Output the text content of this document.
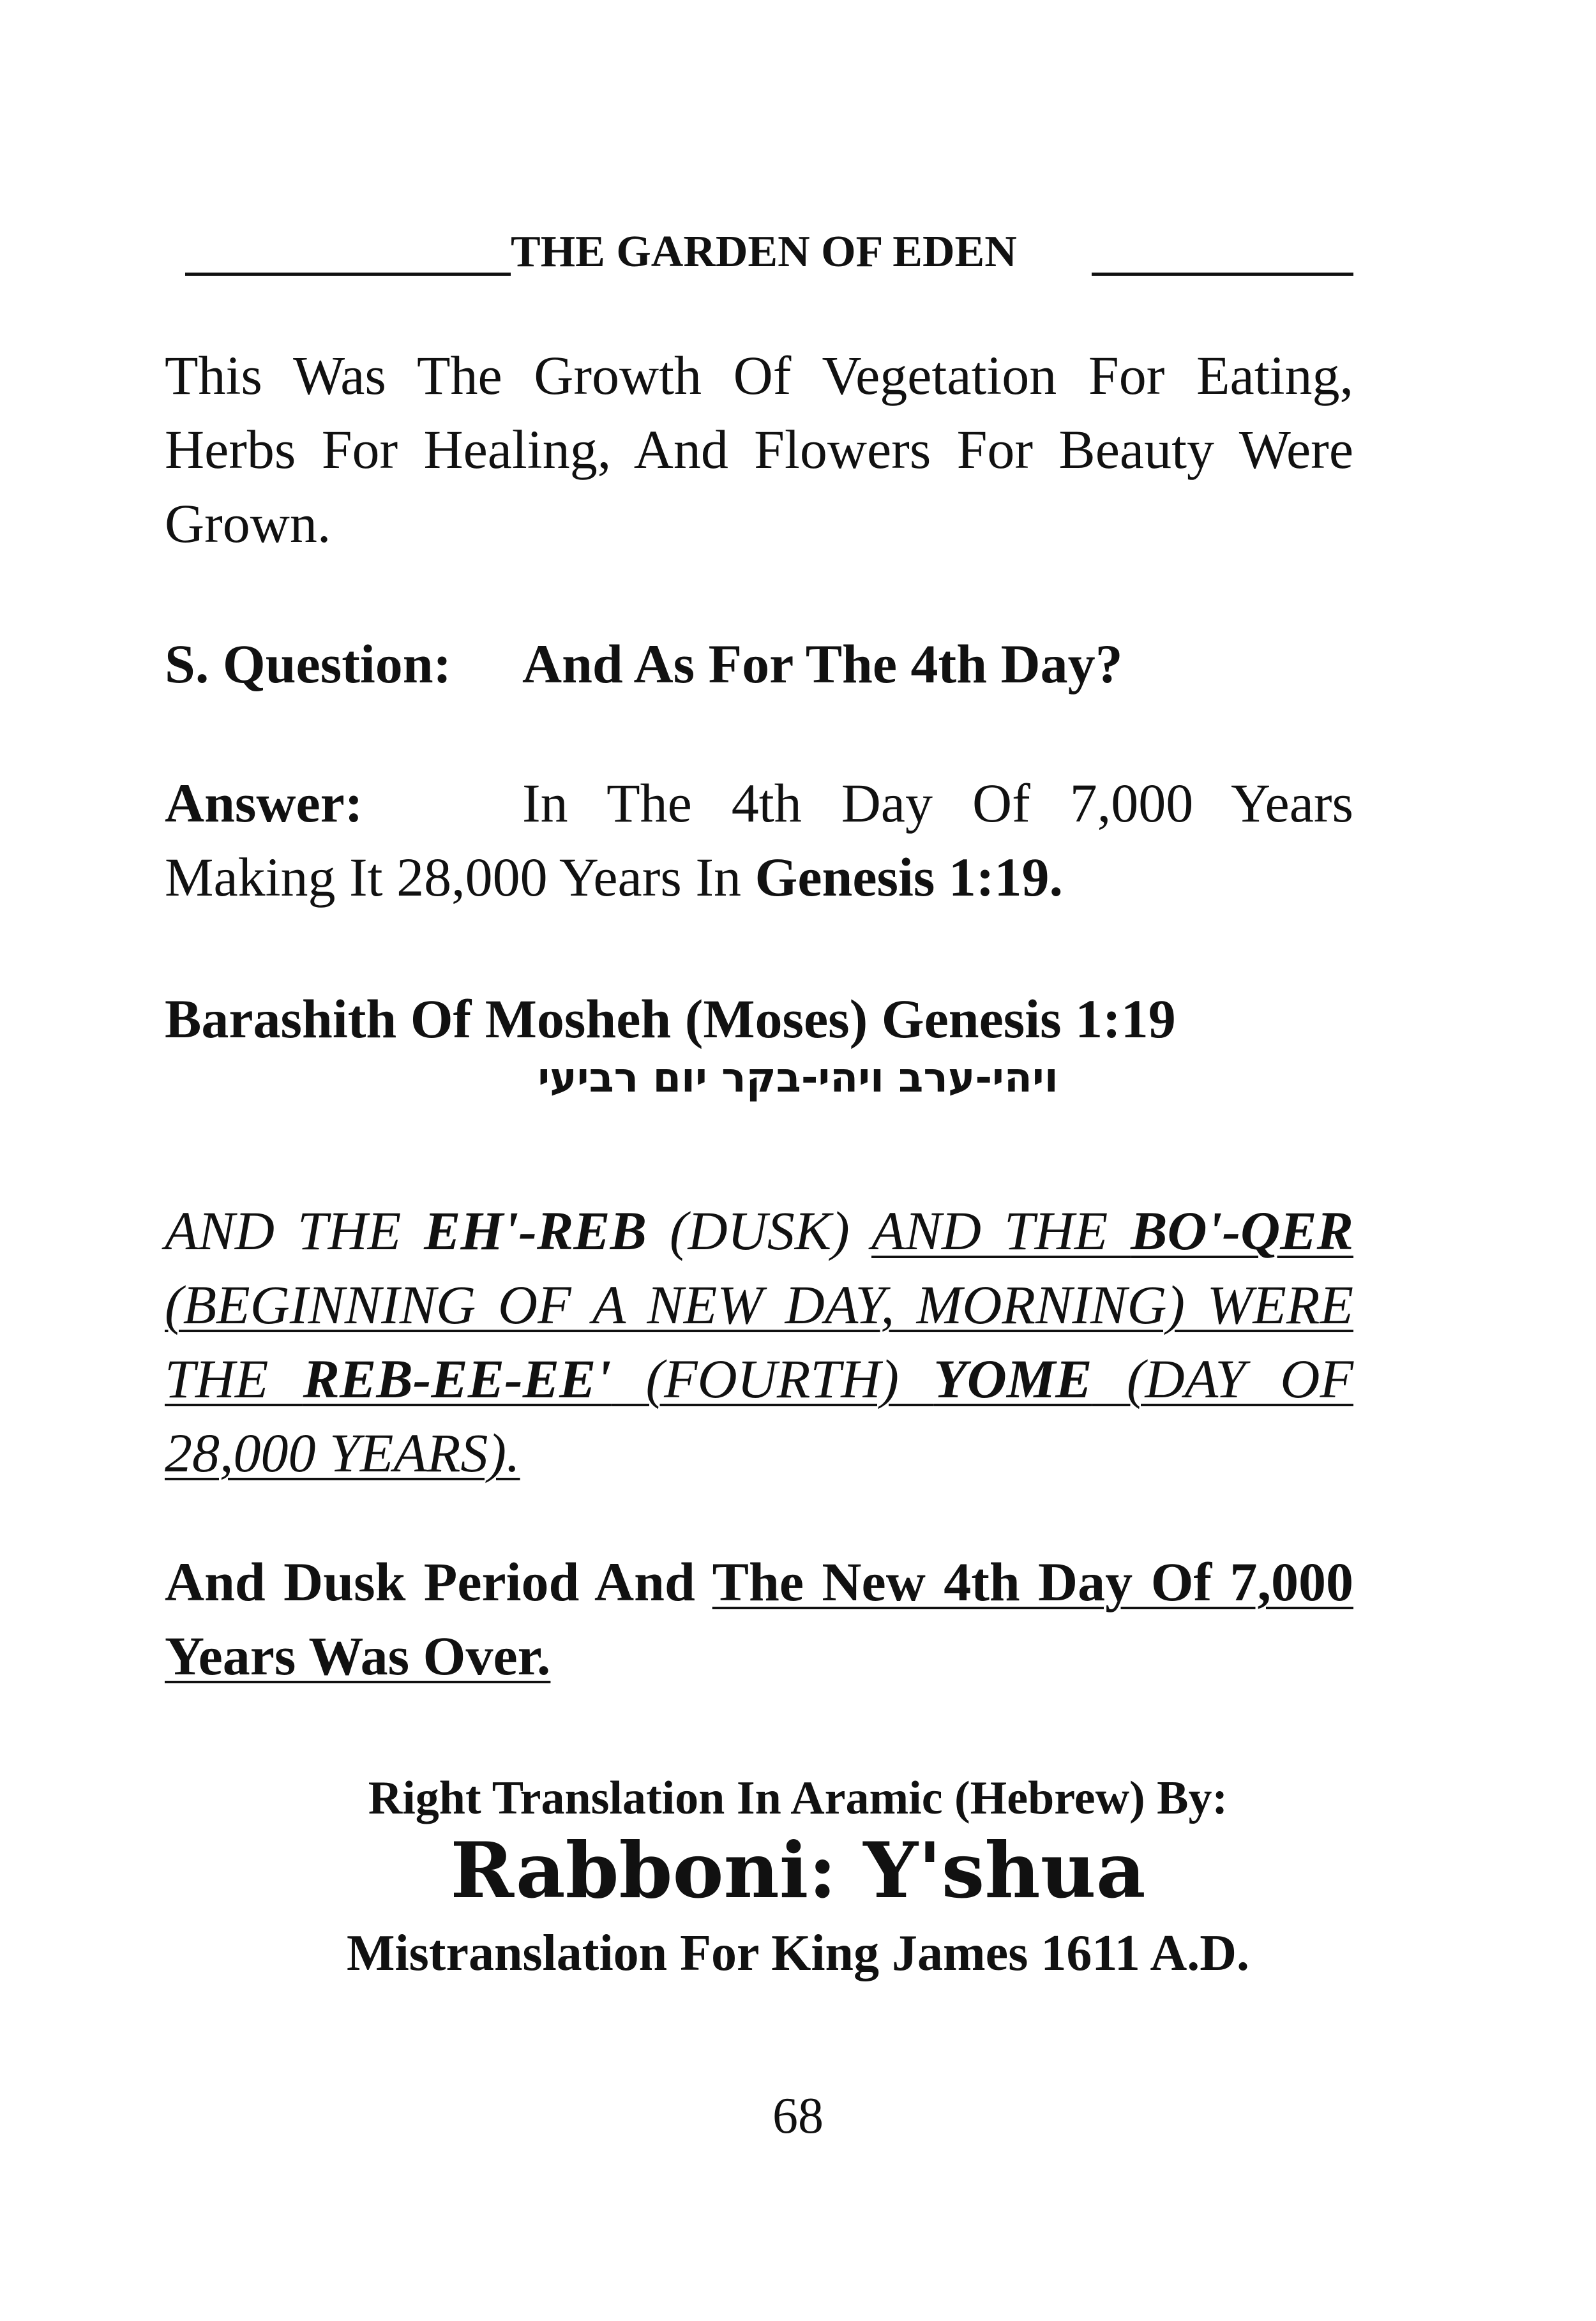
THE GARDEN OF EDEN
This Was The Growth Of Vegetation For Eating, Herbs For Healing, And Flowers For Beauty Were Grown.
S. Question: And As For The 4th Day?
Answer:	In The 4th Day Of 7,000 Years Making It 28,000 Years In Genesis 1:19.
Barashith Of Mosheh (Moses) Genesis 1:19
ויהי-ערב ויהי-בקר יום רביעי
AND THE EH'-REB (DUSK) AND THE BO'-QER (BEGINNING OF A NEW DAY, MORNING) WERE THE REB-EE-EE' (FOURTH) YOME (DAY OF 28,000 YEARS).
And Dusk Period And The New 4th Day Of 7,000 Years Was Over.
Right Translation In Aramic (Hebrew) By:
Rabboni: Y'shua
Mistranslation For King James 1611 A.D.
68
